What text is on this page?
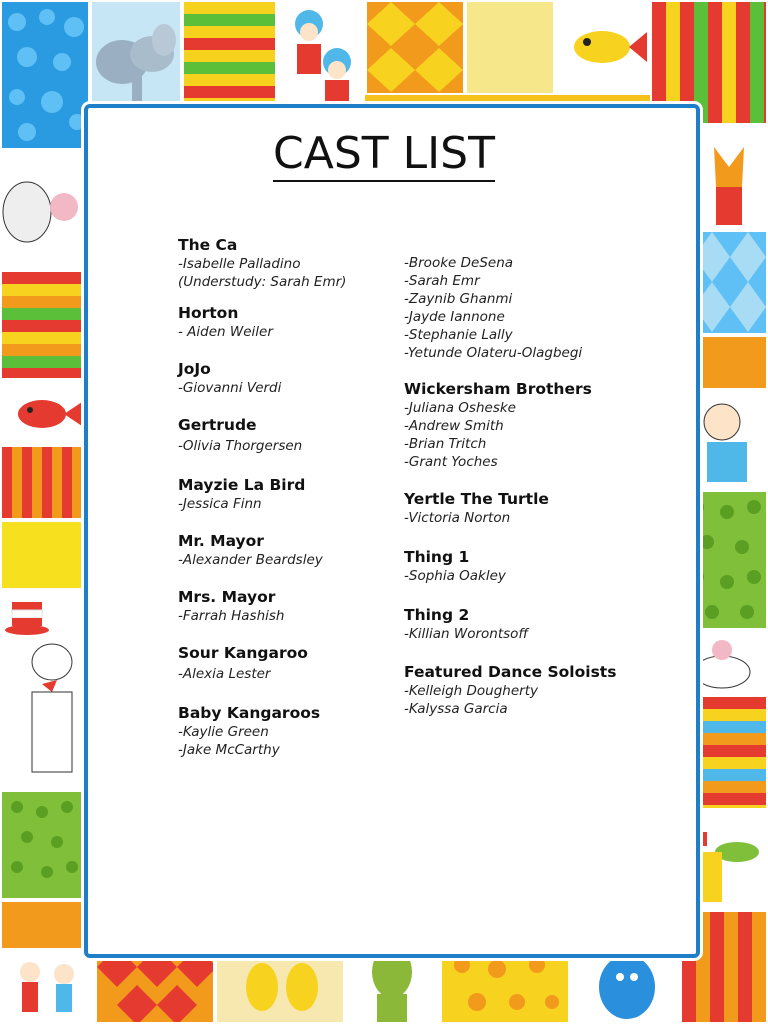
CAST LIST
The Ca
-Isabelle Palladino
(Understudy: Sarah Emr)
Horton
- Aiden Weiler
JoJo
-Giovanni Verdi
Gertrude
-Olivia Thorgersen
Mayzie La Bird
-Jessica Finn
Mr. Mayor
-Alexander Beardsley
Mrs. Mayor
-Farrah Hashish
Sour Kangaroo
-Alexia Lester
Baby Kangaroos
-Kaylie Green
-Jake McCarthy
-Brooke DeSena
-Sarah Emr
-Zaynib Ghanmi
-Jayde Iannone
-Stephanie Lally
-Yetunde Olateru-Olagbegi
Wickersham Brothers
-Juliana Osheske
-Andrew Smith
-Brian Tritch
-Grant Yoches
Yertle The Turtle
-Victoria Norton
Thing 1
-Sophia Oakley
Thing 2
-Killian Worontsoff
Featured Dance Soloists
-Kelleigh Dougherty
-Kalyssa Garcia
